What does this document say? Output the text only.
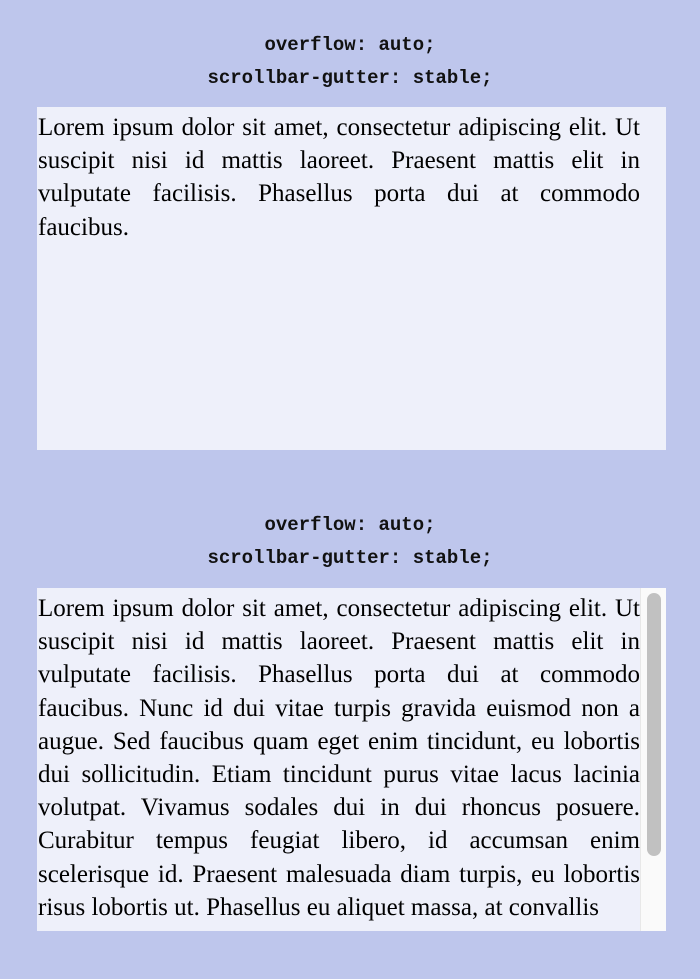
overflow: auto;
scrollbar-gutter: stable;

Lorem ipsum dolor sit amet, consectetur adipiscing elit. Ut suscipit nisi id mattis laoreet. Praesent mattis elit in vulputate facilisis. Phasellus porta dui at commodo faucibus.

overflow: auto;
scrollbar-gutter: stable;

Lorem ipsum dolor sit amet, consectetur adipiscing elit. Ut suscipit nisi id mattis laoreet. Praesent mattis elit in vulputate facilisis. Phasellus porta dui at commodo faucibus. Nunc id dui vitae turpis gravida euismod non a augue. Sed faucibus quam eget enim tincidunt, eu lobortis dui sollicitudin. Etiam tincidunt purus vitae lacus lacinia volutpat. Vivamus sodales dui in dui rhoncus posuere. Curabitur tempus feugiat libero, id accumsan enim scelerisque id. Praesent malesuada diam turpis, eu lobortis risus lobortis ut. Phasellus eu aliquet massa, at convallis
